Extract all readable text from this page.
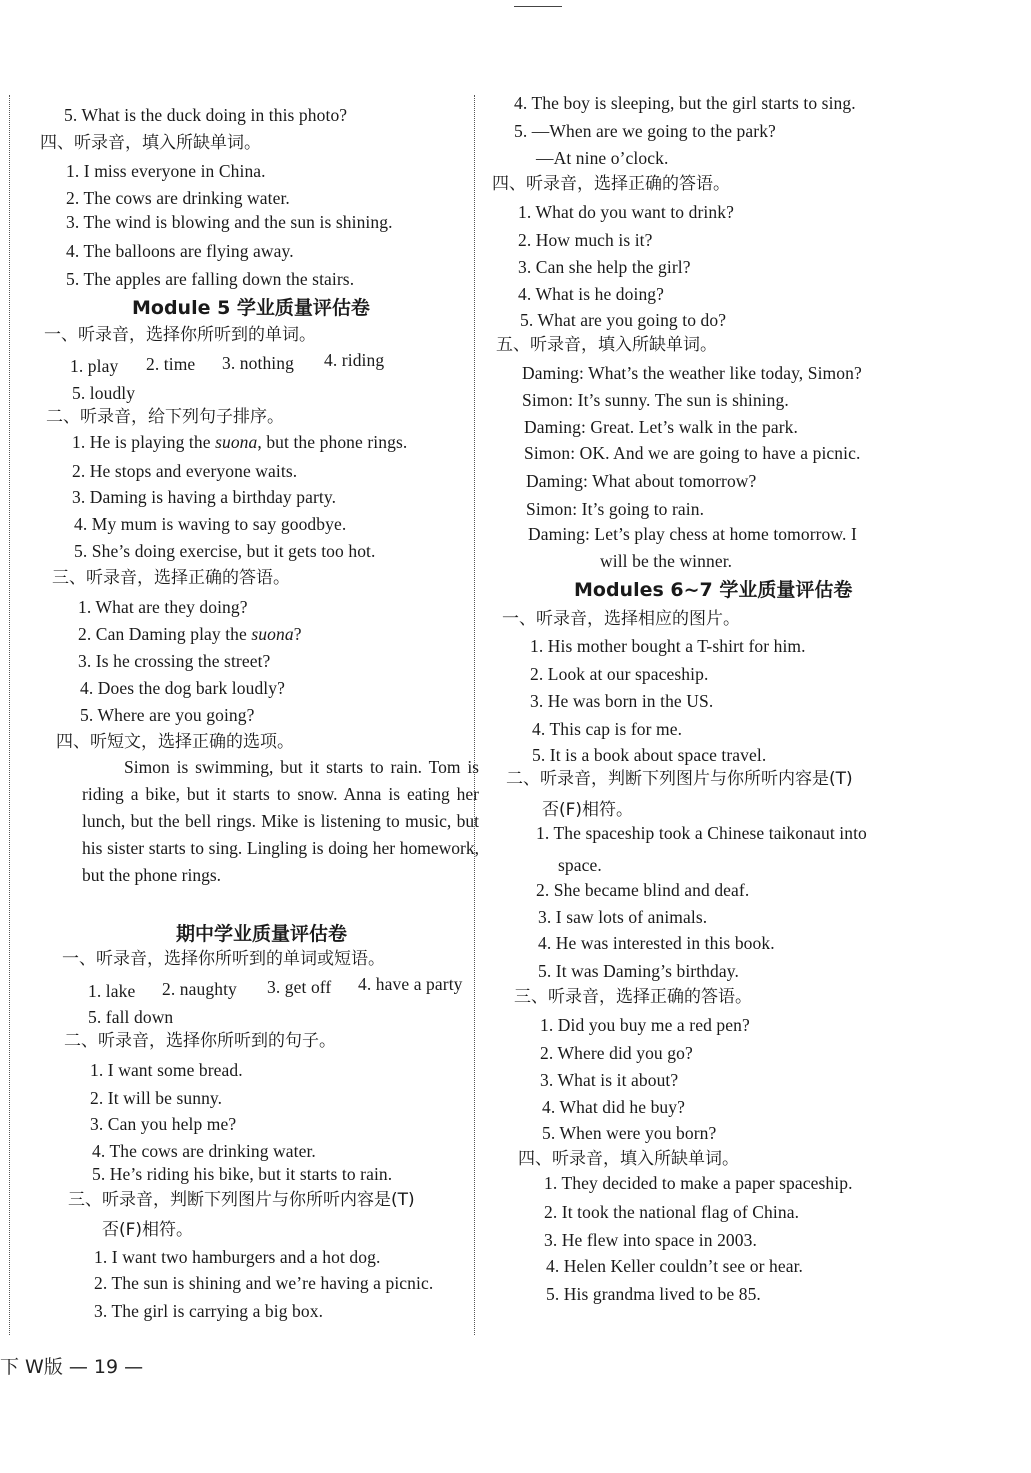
5. What is the duck doing in this photo?
四、听录音，填入所缺单词。
1. I miss everyone in China.
2. The cows are drinking water.
3. The wind is blowing and the sun is shining.
4. The balloons are flying away.
5. The apples are falling down the stairs.
Module 5 学业质量评估卷
一、听录音，选择你所听到的单词。
1. play 2. time 3. nothing 4. riding
5. loudly
二、听录音，给下列句子排序。
1. He is playing the suona, but the phone rings.
2. He stops and everyone waits.
3. Daming is having a birthday party.
4. My mum is waving to say goodbye.
5. She’s doing exercise, but it gets too hot.
三、听录音，选择正确的答语。
1. What are they doing?
2. Can Daming play the suona?
3. Is he crossing the street?
4. Does the dog bark loudly?
5. Where are you going?
四、听短文，选择正确的选项。
Simon is swimming, but it starts to rain. Tom is riding a bike, but it starts to snow. Anna is eating her lunch, but the bell rings. Mike is listening to music, but his sister starts to sing. Lingling is doing her homework, but the phone rings.
期中学业质量评估卷
一、听录音，选择你所听到的单词或短语。
1. lake 2. naughty 3. get off 4. have a party
5. fall down
二、听录音，选择你所听到的句子。
1. I want some bread.
2. It will be sunny.
3. Can you help me?
4. The cows are drinking water.
5. He’s riding his bike, but it starts to rain.
三、听录音，判断下列图片与你所听内容是(T)
否(F)相符。
1. I want two hamburgers and a hot dog.
2. The sun is shining and we’re having a picnic.
3. The girl is carrying a big box.
4. The boy is sleeping, but the girl starts to sing.
5. —When are we going to the park?
—At nine o’clock.
四、听录音，选择正确的答语。
1. What do you want to drink?
2. How much is it?
3. Can she help the girl?
4. What is he doing?
5. What are you going to do?
五、听录音，填入所缺单词。
Daming: What’s the weather like today, Simon?
Simon: It’s sunny. The sun is shining.
Daming: Great. Let’s walk in the park.
Simon: OK. And we are going to have a picnic.
Daming: What about tomorrow?
Simon: It’s going to rain.
Daming: Let’s play chess at home tomorrow. I
will be the winner.
Modules 6~7 学业质量评估卷
一、听录音，选择相应的图片。
1. His mother bought a T-shirt for him.
2. Look at our spaceship.
3. He was born in the US.
4. This cap is for me.
5. It is a book about space travel.
二、听录音，判断下列图片与你所听内容是(T)
否(F)相符。
1. The spaceship took a Chinese taikonaut into
space.
2. She became blind and deaf.
3. I saw lots of animals.
4. He was interested in this book.
5. It was Daming’s birthday.
三、听录音，选择正确的答语。
1. Did you buy me a red pen?
2. Where did you go?
3. What is it about?
4. What did he buy?
5. When were you born?
四、听录音，填入所缺单词。
1. They decided to make a paper spaceship.
2. It took the national flag of China.
3. He flew into space in 2003.
4. Helen Keller couldn’t see or hear.
5. His grandma lived to be 85.
下 W版 — 19 —
